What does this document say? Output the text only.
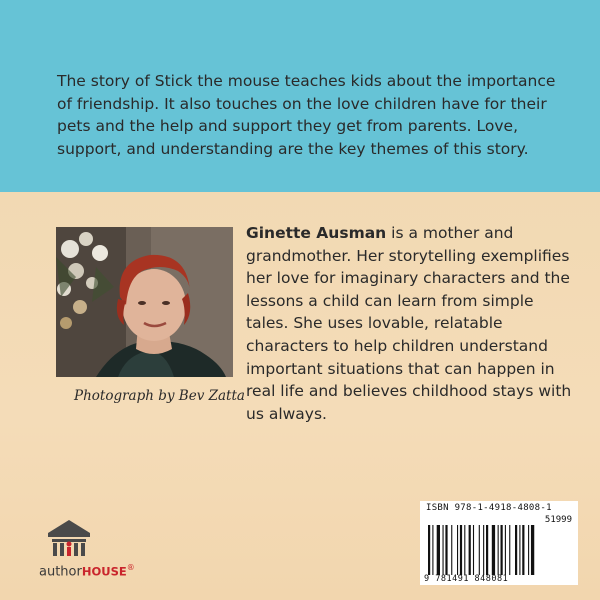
The story of Stick the mouse teaches kids about the importance of friendship. It also touches on the love children have for their pets and the help and support they get from parents. Love, support, and understanding are the key themes of this story.
Photograph by Bev Zatta
Ginette Ausman is a mother and grandmother. Her storytelling exemplifies her love for imaginary characters and the lessons a child can learn from simple tales. She uses lovable, relatable characters to help children understand important situations that can happen in real life and believes childhood stays with us always.
authorHOUSE®
ISBN 978-1-4918-4808-1
51999
9 781491 848081
